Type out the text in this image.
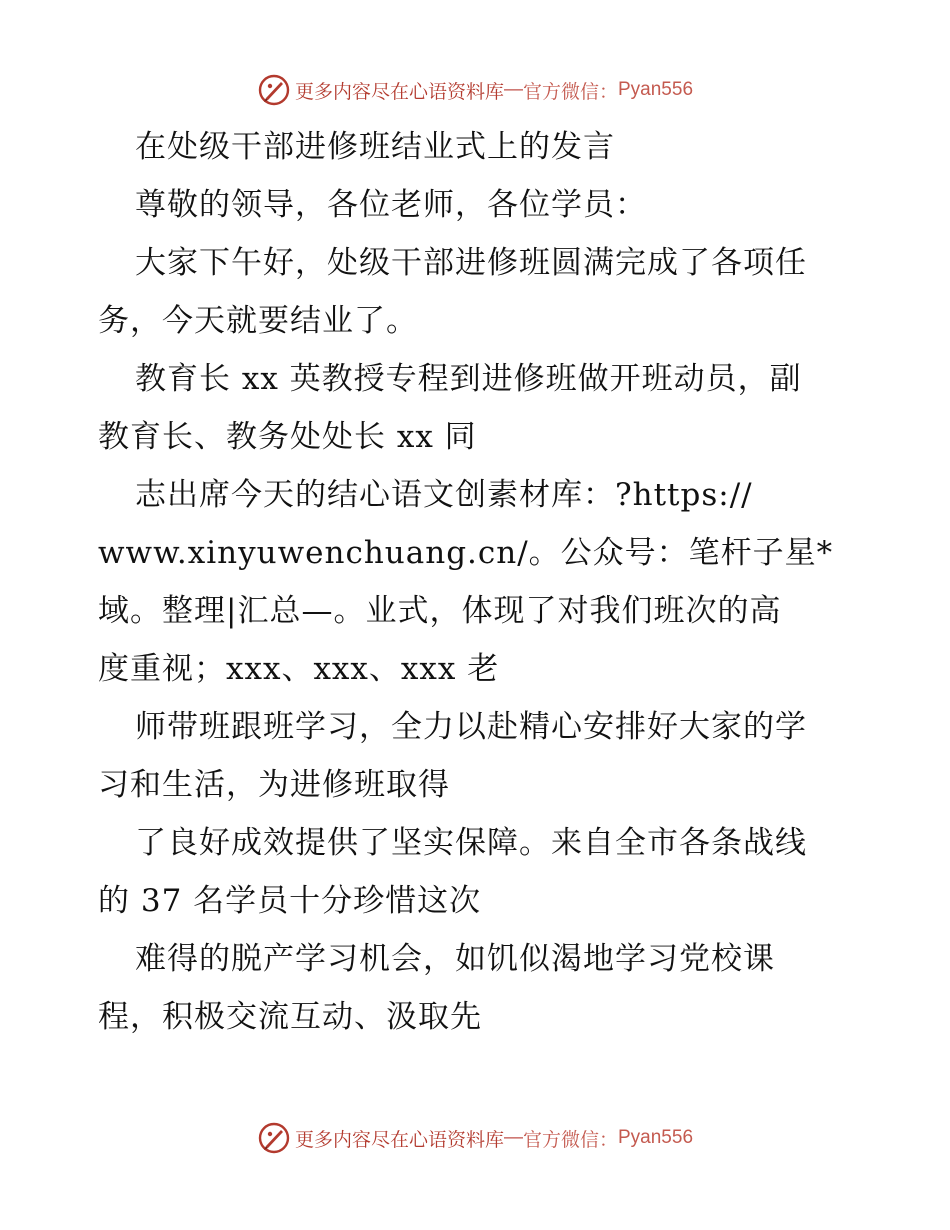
更多内容尽在心语资料库 — 官方微信： Pyan556
在处级干部进修班结业式上的发言
尊敬的领导，各位老师，各位学员：
大家下午好，处级干部进修班圆满完成了各项任
务，今天就要结业了。
教育长 xx 英教授专程到进修班做开班动员，副
教育长、教务处处长 xx 同
志出席今天的结心语文创素材库：?https://
www.xinyuwenchuang.cn/。公众号：笔杆子星*
域。整理|汇总—。业式，体现了对我们班次的高
度重视；xxx、xxx、xxx 老
师带班跟班学习，全力以赴精心安排好大家的学
习和生活，为进修班取得
了良好成效提供了坚实保障。来自全市各条战线
的 37 名学员十分珍惜这次
难得的脱产学习机会，如饥似渴地学习党校课
程，积极交流互动、汲取先
更多内容尽在心语资料库 — 官方微信： Pyan556
